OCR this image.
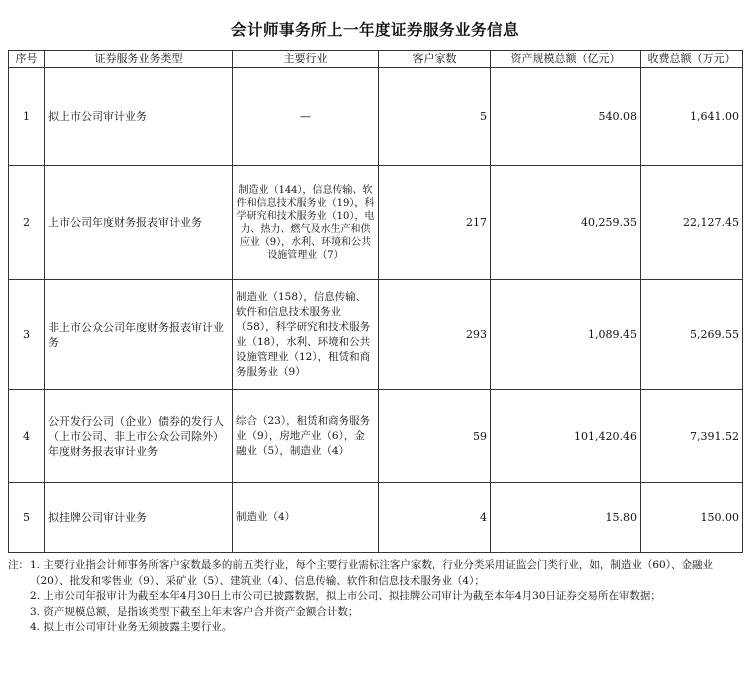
会计师事务所上一年度证券服务业务信息
序号	证券服务业务类型	主要行业	客户家数	资产规模总额（亿元）	收费总额（万元）
1	拟上市公司审计业务	—	5	540.08	1,641.00
2	上市公司年度财务报表审计业务	制造业（144），信息传输、软件和信息技术服务业（19），科学研究和技术服务业（10），电力、热力、燃气及水生产和供应业（9），水利、环境和公共设施管理业（7）	217	40,259.35	22,127.45
3	非上市公众公司年度财务报表审计业务	制造业（158），信息传输、软件和信息技术服务业（58），科学研究和技术服务业（18），水利、环境和公共设施管理业（12），租赁和商务服务业（9）	293	1,089.45	5,269.55
4	公开发行公司（企业）债券的发行人（上市公司、非上市公众公司除外）年度财务报表审计业务	综合（23），租赁和商务服务业（9），房地产业（6），金融业（5），制造业（4）	59	101,420.46	7,391.52
5	拟挂牌公司审计业务	制造业（4）	4	15.80	150.00
注： 1. 主要行业指会计师事务所客户家数最多的前五类行业，每个主要行业需标注客户家数，行业分类采用证监会门类行业，如，制造业（60）、金融业（20）、批发和零售业（9）、采矿业（5）、建筑业（4）、信息传输、软件和信息技术服务业（4）；
2. 上市公司年报审计为截至本年4月30日上市公司已披露数据，拟上市公司、拟挂牌公司审计为截至本年4月30日证券交易所在审数据；
3. 资产规模总额，是指该类型下截至上年末客户合并资产金额合计数；
4. 拟上市公司审计业务无须披露主要行业。
